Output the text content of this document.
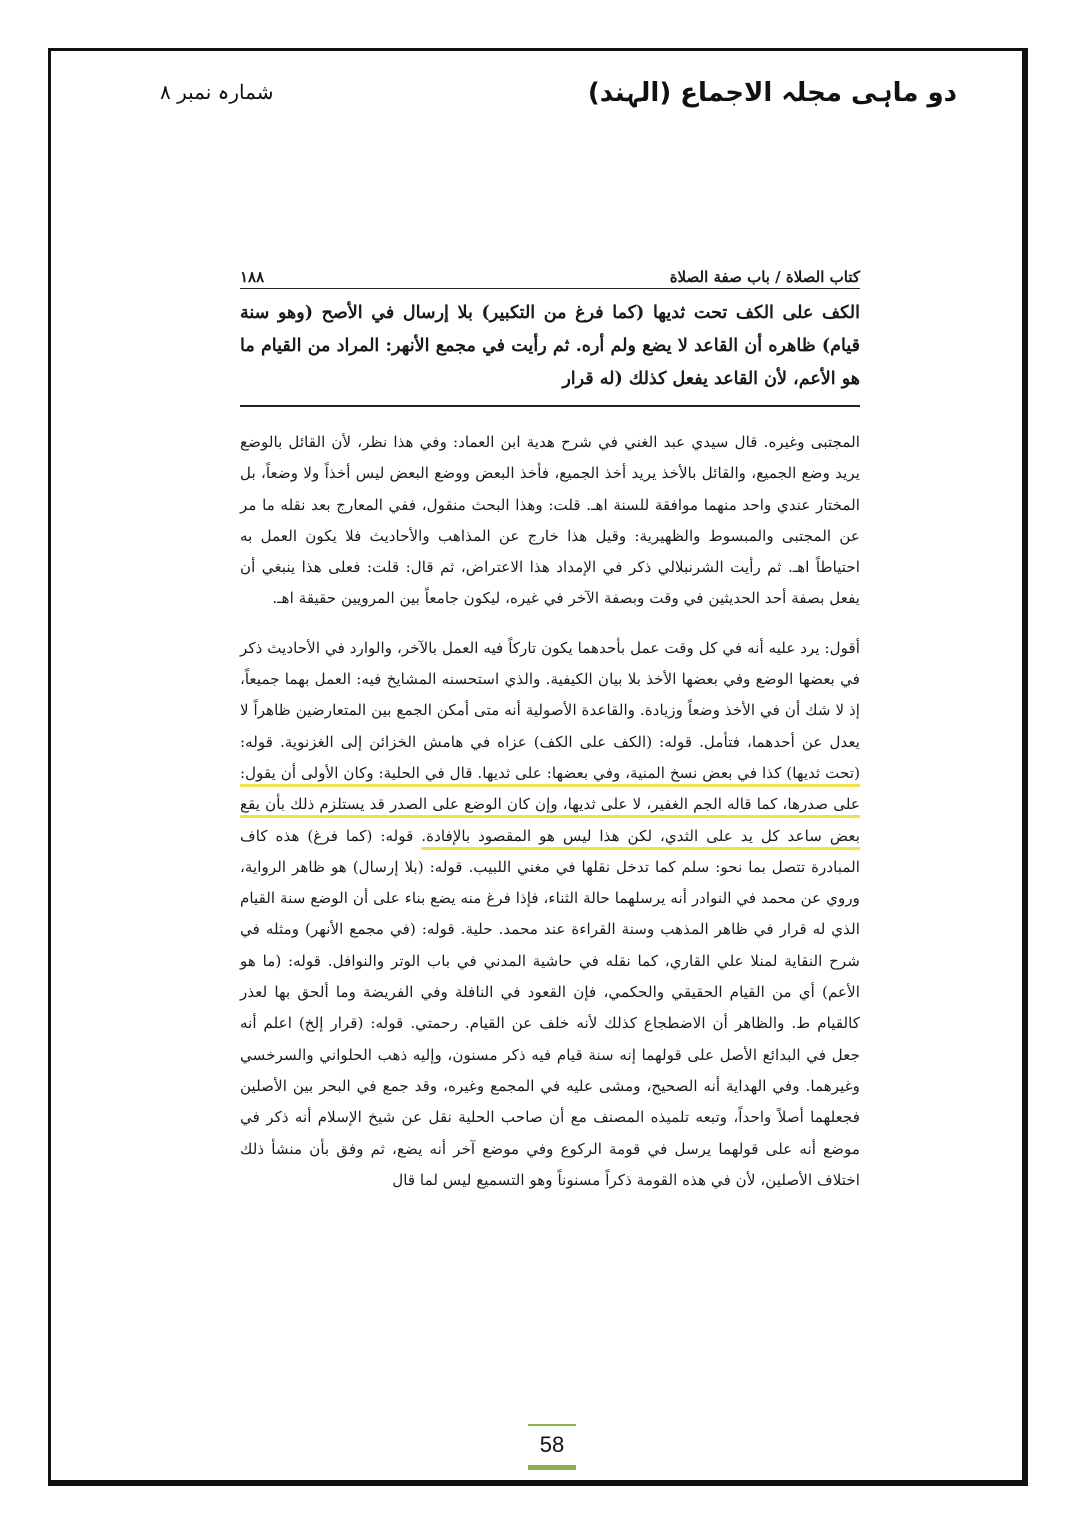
دو ماہی مجلہ الاجماع (الہند)
شمارہ نمبر ۸
كتاب الصلاة / باب صفة الصلاة
١٨٨
الكف على الكف تحت ثديها (كما فرغ من التكبير) بلا إرسال في الأصح (وهو سنة قيام) ظاهره أن القاعد لا يضع ولم أره. ثم رأيت في مجمع الأنهر: المراد من القيام ما هو الأعم، لأن القاعد يفعل كذلك (له قرار

المجتبى وغيره. قال سيدي عبد الغني في شرح هدية ابن العماد: وفي هذا نظر، لأن القائل بالوضع يريد وضع الجميع، والقائل بالأخذ يريد أخذ الجميع، فأخذ البعض ووضع البعض ليس أخذاً ولا وضعاً، بل المختار عندي واحد منهما موافقة للسنة اهـ. قلت: وهذا البحث منقول، ففي المعارج بعد نقله ما مر عن المجتبى والمبسوط والظهيرية: وقيل هذا خارج عن المذاهب والأحاديث فلا يكون العمل به احتياطاً اهـ. ثم رأيت الشرنبلالي ذكر في الإمداد هذا الاعتراض، ثم قال: قلت: فعلى هذا ينبغي أن يفعل بصفة أحد الحديثين في وقت وبصفة الآخر في غيره، ليكون جامعاً بين المرويين حقيقة اهـ.

أقول: يرد عليه أنه في كل وقت عمل بأحدهما يكون تاركاً فيه العمل بالآخر، والوارد في الأحاديث ذكر في بعضها الوضع وفي بعضها الأخذ بلا بيان الكيفية. والذي استحسنه المشايخ فيه: العمل بهما جميعاً، إذ لا شك أن في الأخذ وضعاً وزيادة. والقاعدة الأصولية أنه متى أمكن الجمع بين المتعارضين ظاهراً لا يعدل عن أحدهما، فتأمل. قوله: (الكف على الكف) عزاه في هامش الخزائن إلى الغزنوية. قوله: (تحت ثديها) كذا في بعض نسخ المنية، وفي بعضها: على ثديها. قال في الحلية: وكان الأولى أن يقول: على صدرها، كما قاله الجم الغفير، لا على ثديها، وإن كان الوضع على الصدر قد يستلزم ذلك بأن يقع بعض ساعد كل يد على الثدي، لكن هذا ليس هو المقصود بالإفادة. قوله: (كما فرغ) هذه كاف المبادرة تتصل بما نحو: سلم كما تدخل نقلها في مغني اللبيب. قوله: (بلا إرسال) هو ظاهر الرواية، وروي عن محمد في النوادر أنه يرسلهما حالة الثناء، فإذا فرغ منه يضع بناء على أن الوضع سنة القيام الذي له قرار في ظاهر المذهب وسنة القراءة عند محمد. حلية. قوله: (في مجمع الأنهر) ومثله في شرح النقاية لمنلا علي القاري، كما نقله في حاشية المدني في باب الوتر والنوافل. قوله: (ما هو الأعم) أي من القيام الحقيقي والحكمي، فإن القعود في النافلة وفي الفريضة وما ألحق بها لعذر كالقيام ط. والظاهر أن الاضطجاع كذلك لأنه خلف عن القيام. رحمتي. قوله: (قرار إلخ) اعلم أنه جعل في البدائع الأصل على قولهما إنه سنة قيام فيه ذكر مسنون، وإليه ذهب الحلواني والسرخسي وغيرهما. وفي الهداية أنه الصحيح، ومشى عليه في المجمع وغيره، وقد جمع في البحر بين الأصلين فجعلهما أصلاً واحداً، وتبعه تلميذه المصنف مع أن صاحب الحلية نقل عن شيخ الإسلام أنه ذكر في موضع أنه على قولهما يرسل في قومة الركوع وفي موضع آخر أنه يضع، ثم وفق بأن منشأ ذلك اختلاف الأصلين، لأن في هذه القومة ذكراً مسنوناً وهو التسميع ليس لما قال

58
